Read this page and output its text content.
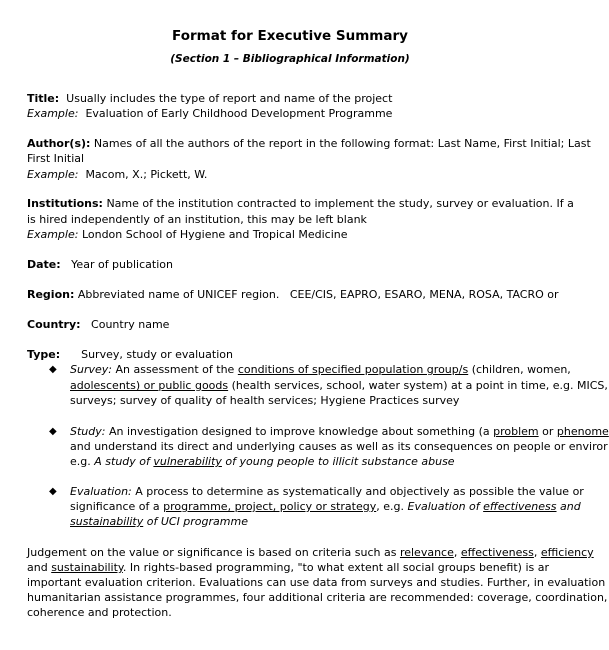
Format for Executive Summary
(Section 1 – Bibliographical Information)
Title: Usually includes the type of report and name of the project
Example: Evaluation of Early Childhood Development Programme
Author(s): Names of all the authors of the report in the following format: Last Name, First Initial; Last
First Initial
Example: Macom, X.; Pickett, W.
Institutions: Name of the institution contracted to implement the study, survey or evaluation. If a
is hired independently of an institution, this may be left blank
Example: London School of Hygiene and Tropical Medicine
Date: Year of publication
Region: Abbreviated name of UNICEF region. CEE/CIS, EAPRO, ESARO, MENA, ROSA, TACRO or
Country: Country name
Type: Survey, study or evaluation
◆ Survey: An assessment of the conditions of specified population group/s (children, women,
adolescents) or public goods (health services, school, water system) at a point in time, e.g. MICS,
surveys; survey of quality of health services; Hygiene Practices survey
◆ Study: An investigation designed to improve knowledge about something (a problem or phenome
and understand its direct and underlying causes as well as its consequences on people or enviror
e.g. A study of vulnerability of young people to illicit substance abuse
◆ Evaluation: A process to determine as systematically and objectively as possible the value or
significance of a programme, project, policy or strategy, e.g. Evaluation of effectiveness and
sustainability of UCI programme
Judgement on the value or significance is based on criteria such as relevance, effectiveness, efficiency
and sustainability. In rights-based programming, "to what extent all social groups benefit) is ar
important evaluation criterion. Evaluations can use data from surveys and studies. Further, in evaluation
humanitarian assistance programmes, four additional criteria are recommended: coverage, coordination,
coherence and protection.
